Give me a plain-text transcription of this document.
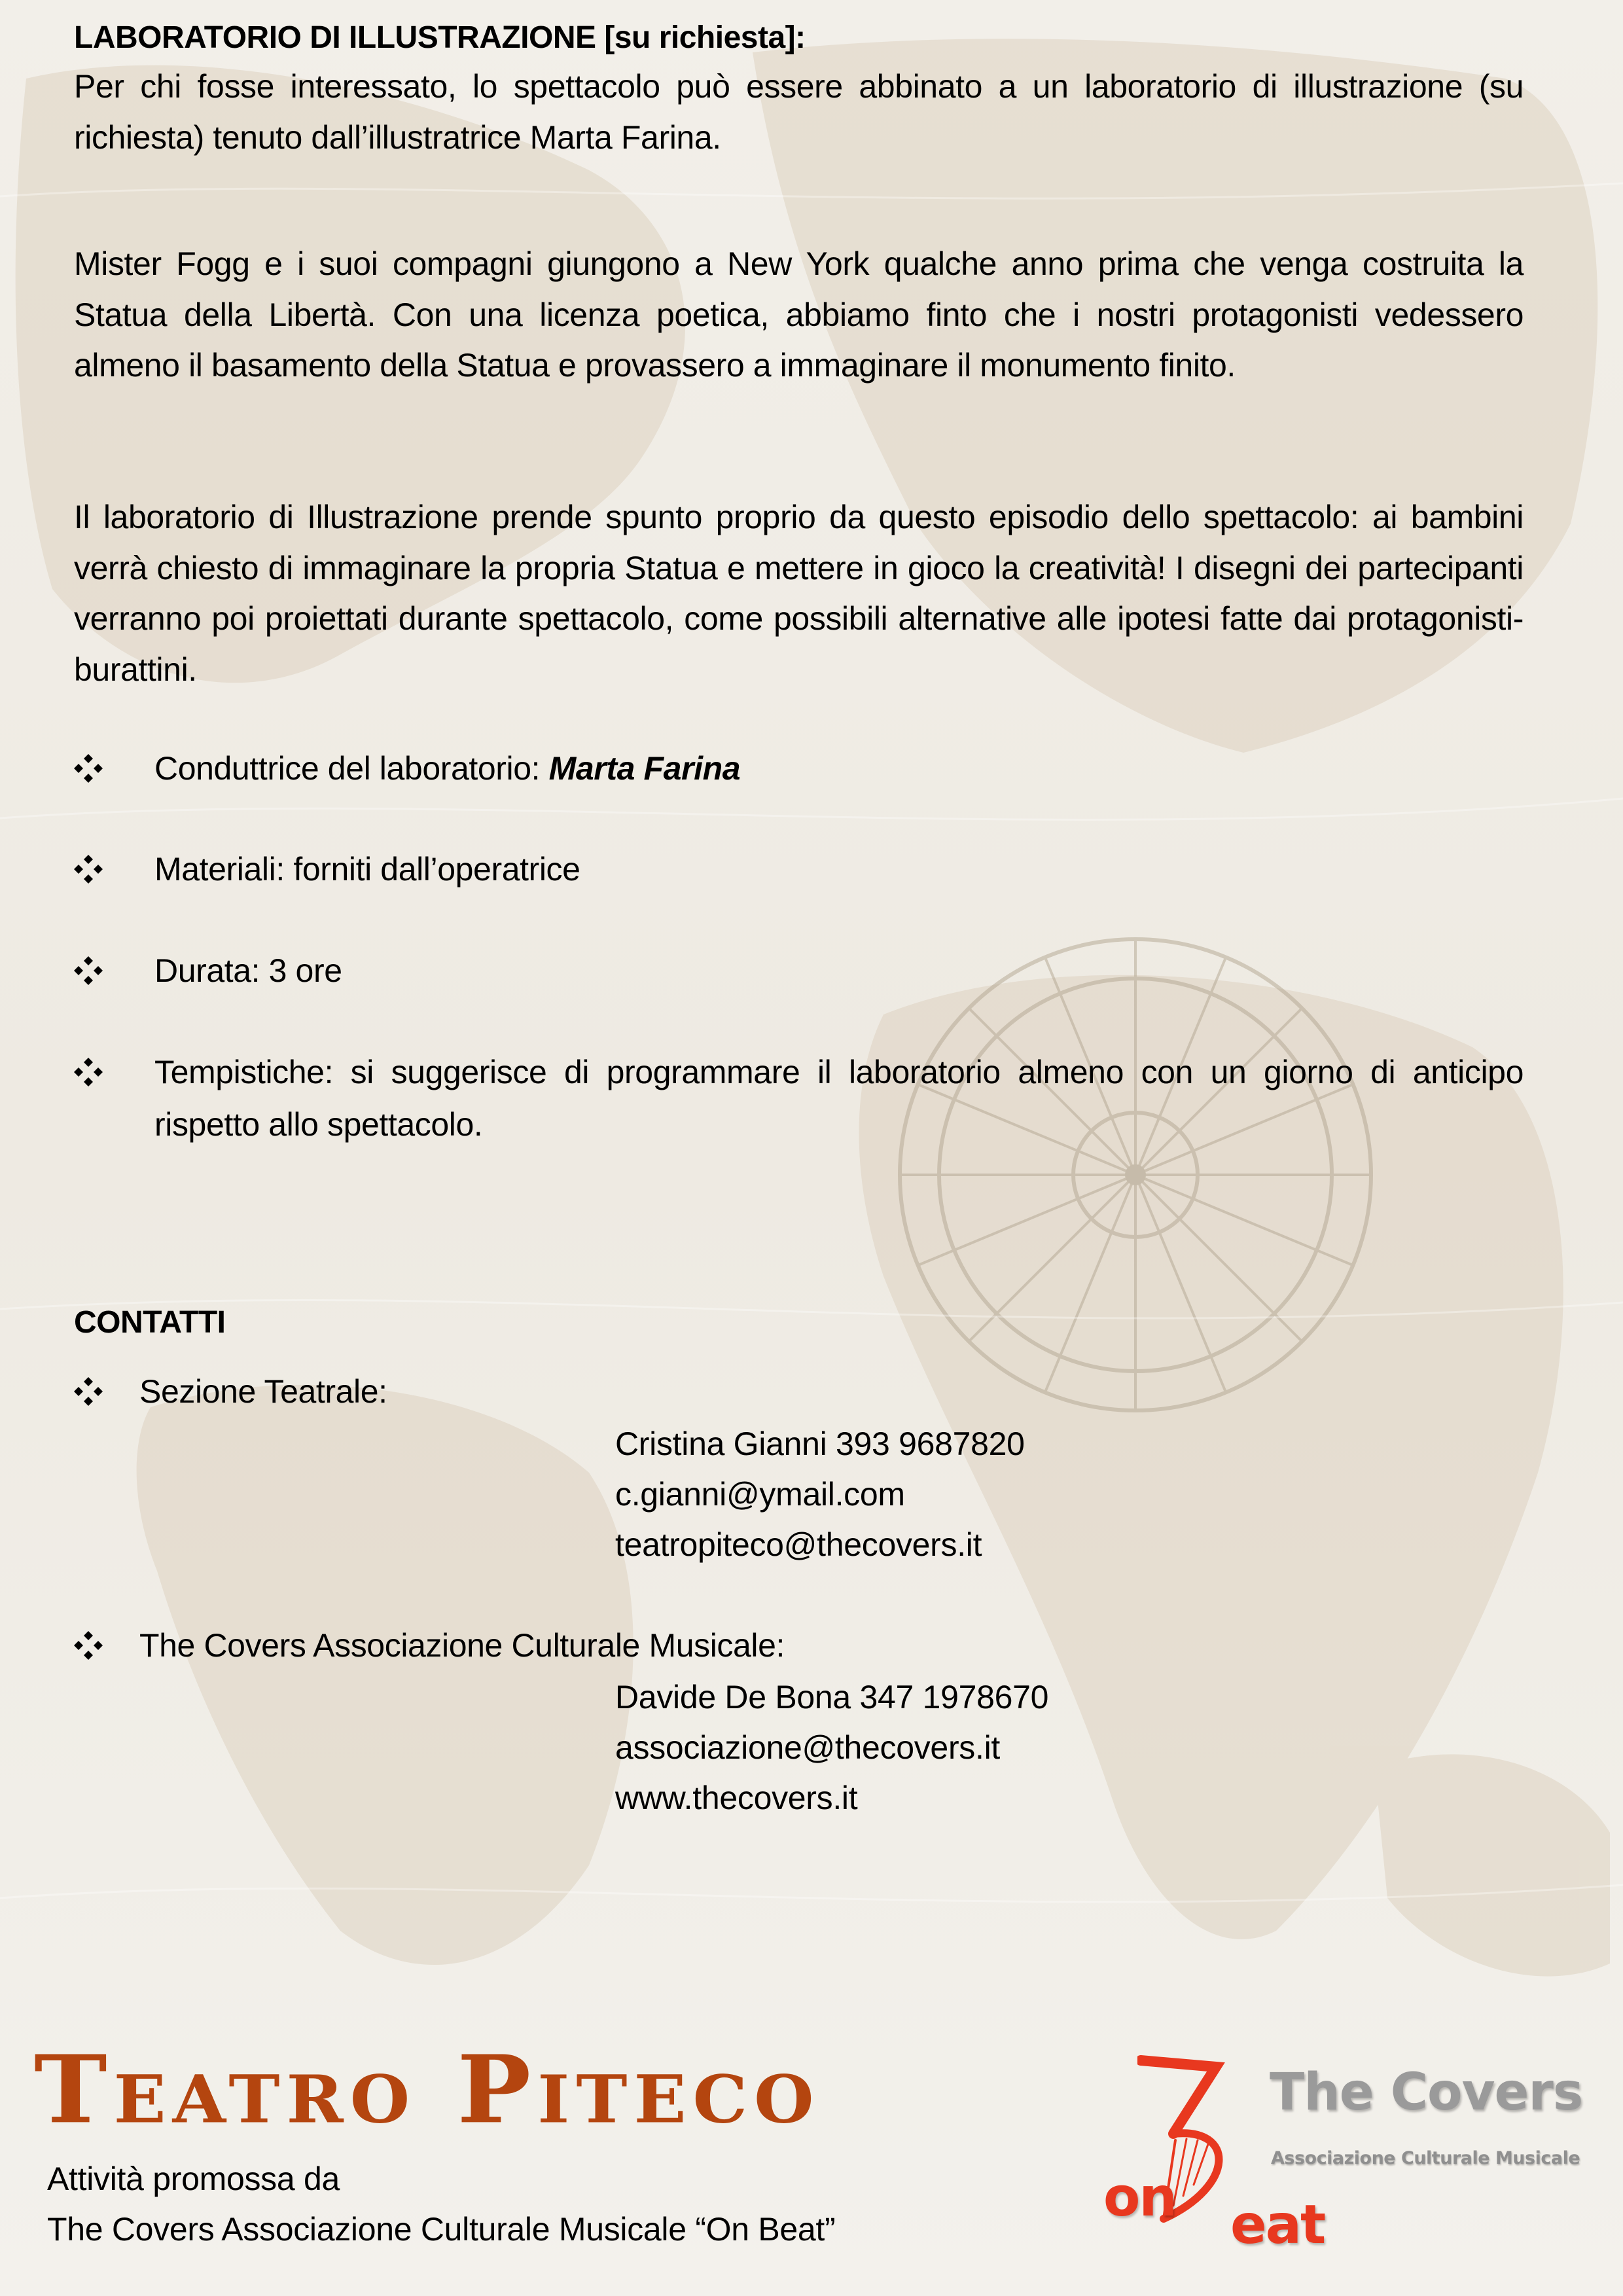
LABORATORIO DI ILLUSTRAZIONE [su richiesta]:

Per chi fosse interessato, lo spettacolo può essere abbinato a un laboratorio di illustrazione (su richiesta) tenuto dall’illustratrice Marta Farina.

Mister Fogg e i suoi compagni giungono a New York qualche anno prima che venga costruita la Statua della Libertà. Con una licenza poetica, abbiamo finto che i nostri protagonisti vedessero almeno il basamento della Statua e provassero a immaginare il monumento finito.

Il laboratorio di Illustrazione prende spunto proprio da questo episodio dello spettacolo: ai bambini verrà chiesto di immaginare la propria Statua e mettere in gioco la creatività! I disegni dei partecipanti verranno poi proiettati durante spettacolo, come possibili alternative alle ipotesi fatte dai protagonisti-burattini.

Conduttrice del laboratorio: Marta Farina
Materiali: forniti dall’operatrice
Durata: 3 ore
Tempistiche: si suggerisce di programmare il laboratorio almeno con un giorno di anticipo rispetto allo spettacolo.
CONTATTI
Sezione Teatrale:
Cristina Gianni 393 9687820
c.gianni@ymail.com
teatropiteco@thecovers.it
The Covers Associazione Culturale Musicale:
Davide De Bona 347 1978670
associazione@thecovers.it
www.thecovers.it
Teatro Piteco
Attività promossa da
The Covers Associazione Culturale Musicale “On Beat”
on eat
The Covers
Associazione Culturale Musicale
